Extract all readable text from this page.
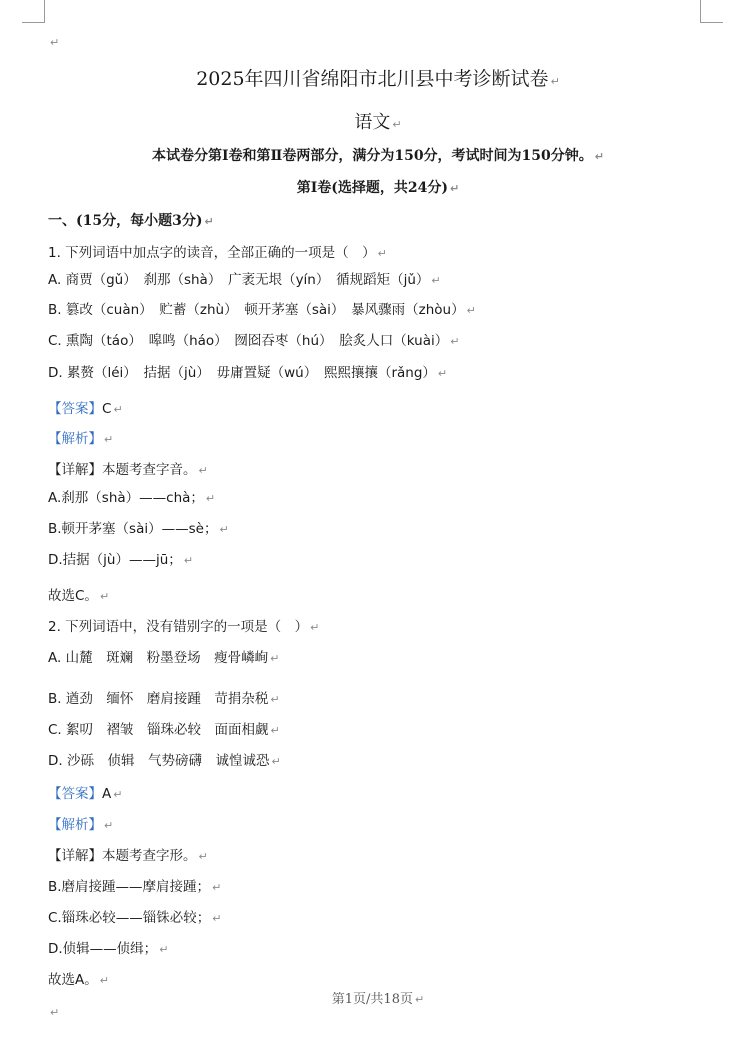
↵
2025年四川省绵阳市北川县中考诊断试卷 ↵
语文 ↵
本试卷分第Ⅰ卷和第Ⅱ卷两部分，满分为150分，考试时间为150分钟。 ↵
第Ⅰ卷(选择题，共24分) ↵
一、(15分，每小题3分) ↵
1. 下列词语中加点字的读音，全部正确的一项是（　） ↵
A. 商贾（gǔ）　刹那（shà）　广袤无垠（yín）　循规蹈矩（jǔ） ↵
B. 篡改（cuàn）　贮蓄（zhù）　顿开茅塞（sài）　暴风骤雨（zhòu） ↵
C. 熏陶（táo）　嗥鸣（háo）　囫囵吞枣（hú）　脍炙人口（kuài） ↵
D. 累赘（léi）　拮据（jù）　毋庸置疑（wú）　熙熙攘攘（rǎng） ↵
【答案】C ↵
【解析】 ↵
【详解】本题考查字音。 ↵
A.刹那（shà）——chà； ↵
B.顿开茅塞（sài）——sè； ↵
D.拮据（jù）——jū； ↵
故选C。 ↵
2. 下列词语中，没有错别字的一项是（　） ↵
A. 山麓　斑斓　粉墨登场　瘦骨嶙峋 ↵
B. 遒劲　缅怀　磨肩接踵　苛捐杂税 ↵
C. 絮叨　褶皱　锱珠必较　面面相觑 ↵
D. 沙砾　侦辑　气势磅礴　诚惶诚恐 ↵
【答案】A ↵
【解析】 ↵
【详解】本题考查字形。 ↵
B.磨肩接踵——摩肩接踵； ↵
C.锱珠必较——锱铢必较； ↵
D.侦辑——侦缉； ↵
故选A。 ↵
第1页/共18页 ↵
↵
